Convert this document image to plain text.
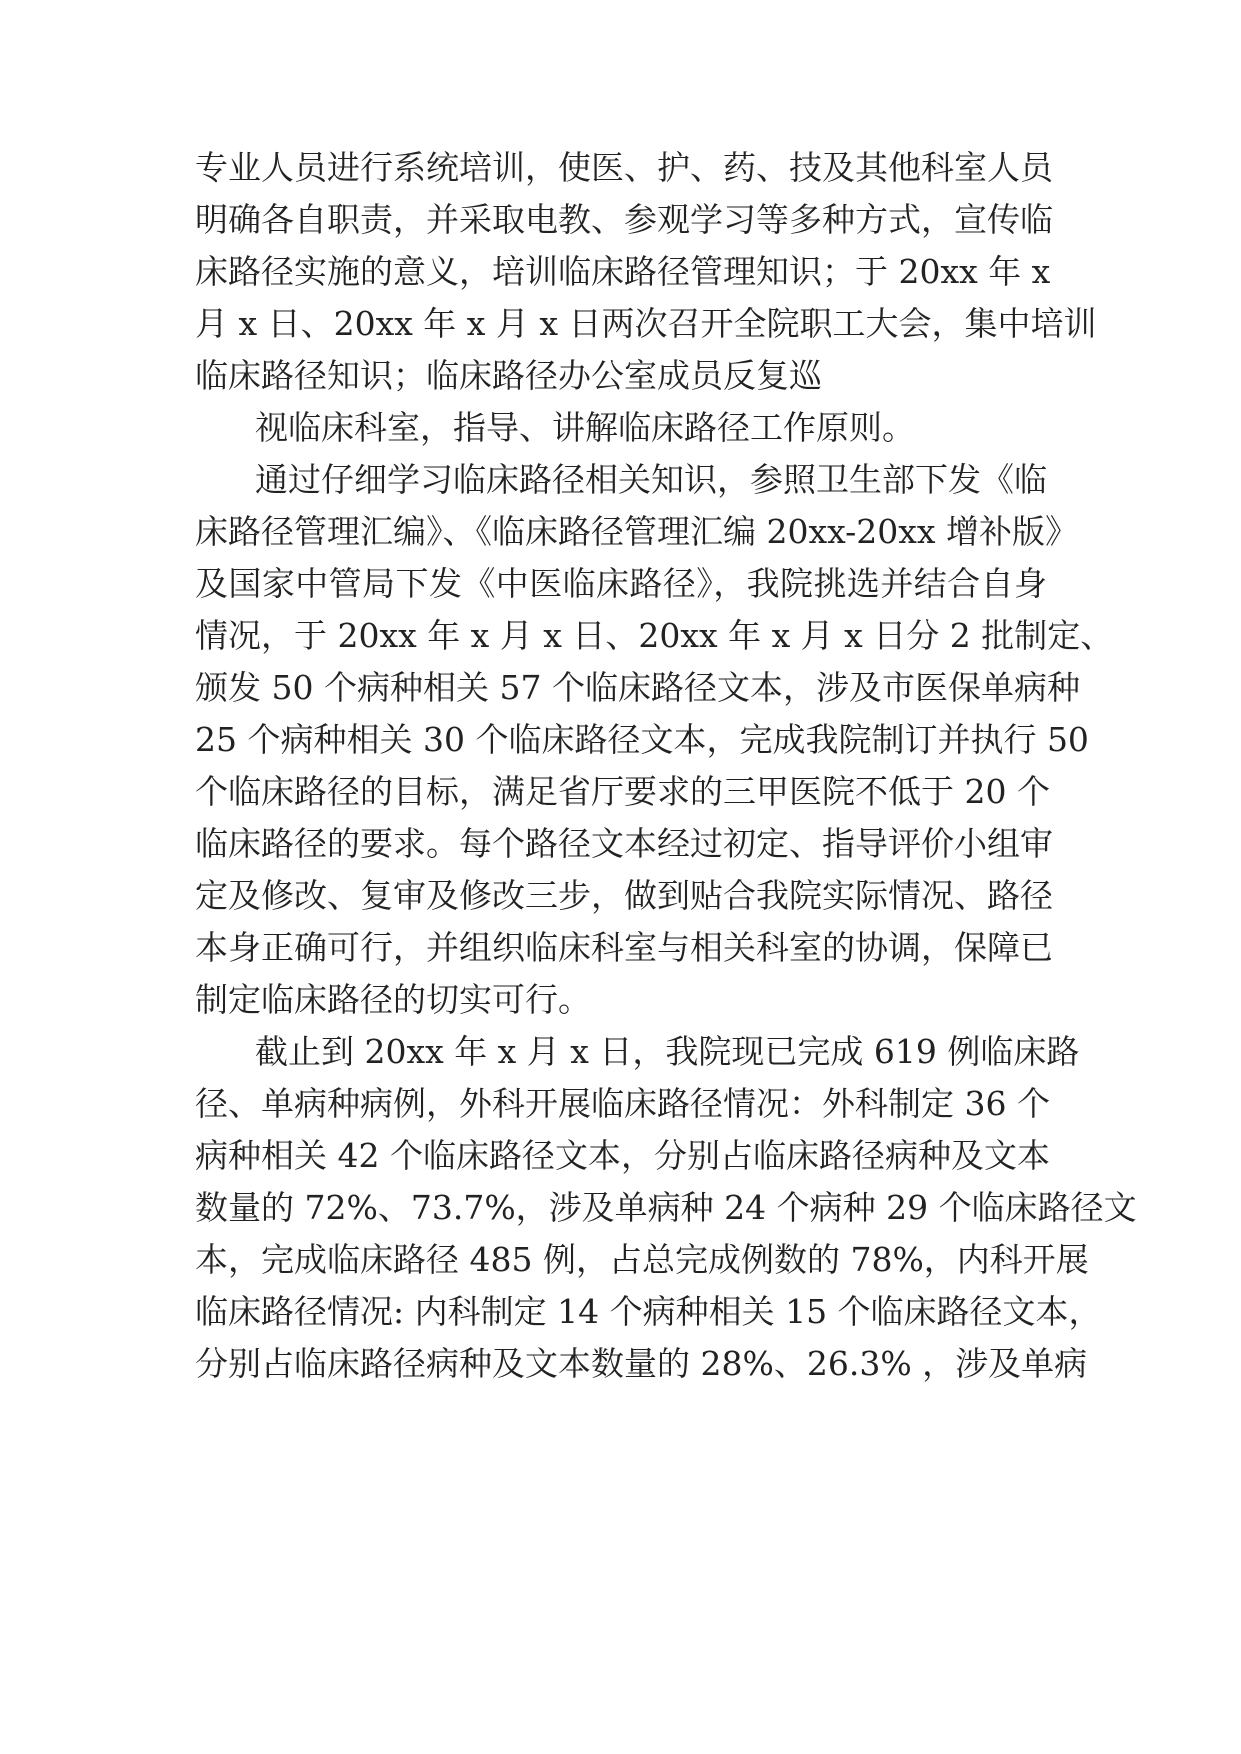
专业人员进行系统培训，使医、护、药、技及其他科室人员
明确各自职责，并采取电教、参观学习等多种方式，宣传临
床路径实施的意义，培训临床路径管理知识；于 20xx 年 x
月 x 日、20xx 年 x 月 x 日两次召开全院职工大会，集中培训
临床路径知识；临床路径办公室成员反复巡
视临床科室，指导、讲解临床路径工作原则。
通过仔细学习临床路径相关知识，参照卫生部下发《临
床路径管理汇编》、《临床路径管理汇编 20xx-20xx 增补版》
及国家中管局下发《中医临床路径》，我院挑选并结合自身
情况，于 20xx 年 x 月 x 日、20xx 年 x 月 x 日分 2 批制定、
颁发 50 个病种相关 57 个临床路径文本，涉及市医保单病种
25 个病种相关 30 个临床路径文本，完成我院制订并执行 50
个临床路径的目标，满足省厅要求的三甲医院不低于 20 个
临床路径的要求。每个路径文本经过初定、指导评价小组审
定及修改、复审及修改三步，做到贴合我院实际情况、路径
本身正确可行，并组织临床科室与相关科室的协调，保障已
制定临床路径的切实可行。
截止到 20xx 年 x 月 x 日，我院现已完成 619 例临床路
径、单病种病例，外科开展临床路径情况：外科制定 36 个
病种相关 42 个临床路径文本，分别占临床路径病种及文本
数量的 72%、73.7%，涉及单病种 24 个病种 29 个临床路径文
本，完成临床路径 485 例，占总完成例数的 78%，内科开展
临床路径情况: 内科制定 14 个病种相关 15 个临床路径文本，
分别占临床路径病种及文本数量的 28%、26.3% ，涉及单病
